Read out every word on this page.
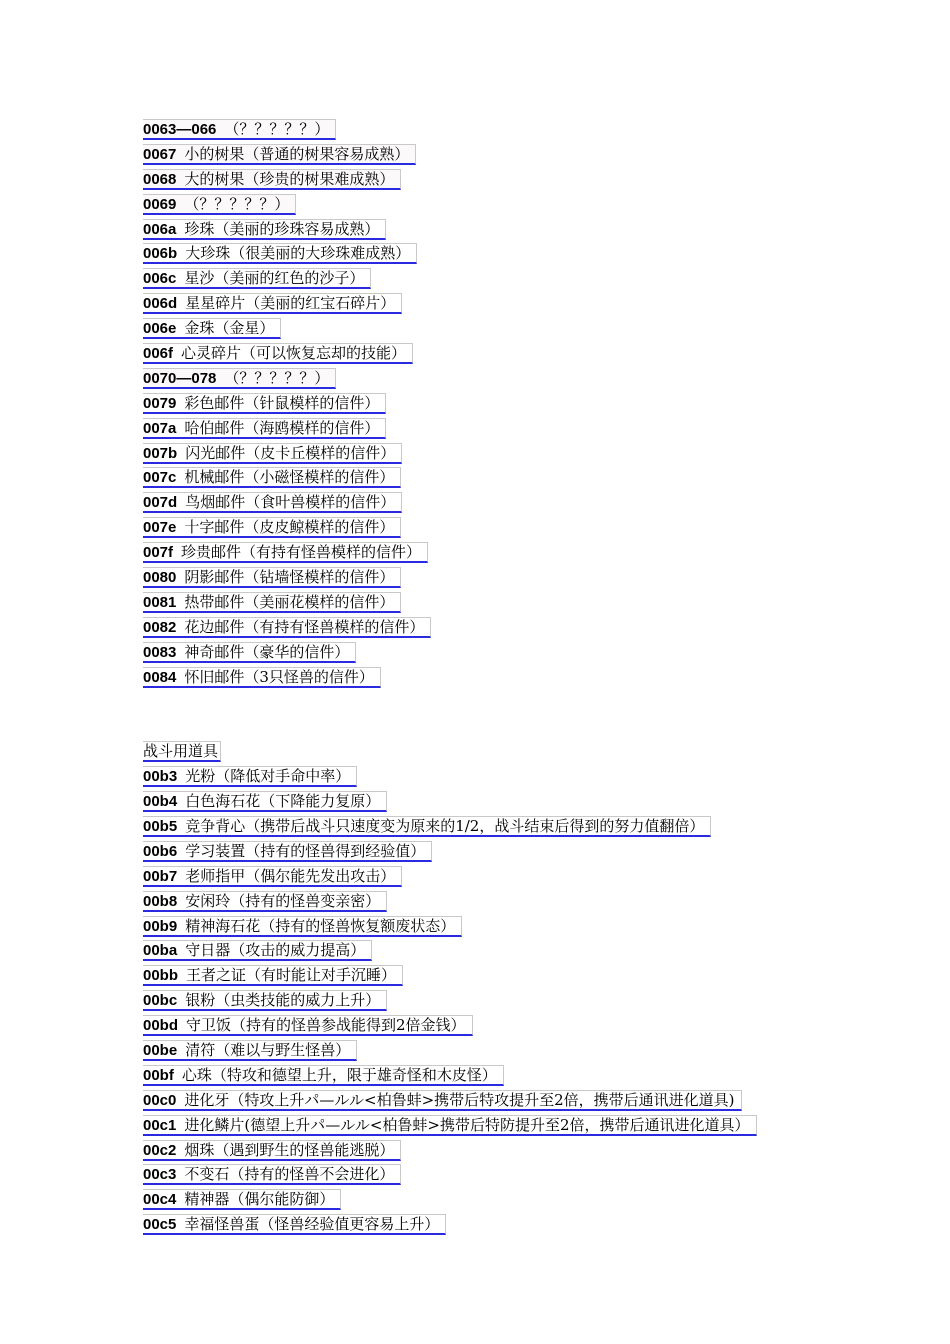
0063—066 （？？？？？）
0067 小的树果（普通的树果容易成熟）
0068 大的树果（珍贵的树果难成熟）
0069 （？？？？？）
006a 珍珠（美丽的珍珠容易成熟）
006b 大珍珠（很美丽的大珍珠难成熟）
006c 星沙（美丽的红色的沙子）
006d 星星碎片（美丽的红宝石碎片）
006e 金珠（金星）
006f 心灵碎片（可以恢复忘却的技能）
0070—078 （？？？？？）
0079 彩色邮件（针鼠模样的信件）
007a 哈伯邮件（海鸥模样的信件）
007b 闪光邮件（皮卡丘模样的信件）
007c 机械邮件（小磁怪模样的信件）
007d 鸟烟邮件（食叶兽模样的信件）
007e 十字邮件（皮皮鲸模样的信件）
007f 珍贵邮件（有持有怪兽模样的信件）
0080 阴影邮件（钻墙怪模样的信件）
0081 热带邮件（美丽花模样的信件）
0082 花边邮件（有持有怪兽模样的信件）
0083 神奇邮件（豪华的信件）
0084 怀旧邮件（3只怪兽的信件）
战斗用道具
00b3 光粉（降低对手命中率）
00b4 白色海石花（下降能力复原）
00b5 竞争背心（携带后战斗只速度变为原来的1/2，战斗结束后得到的努力值翻倍）
00b6 学习装置（持有的怪兽得到经验值）
00b7 老师指甲（偶尔能先发出攻击）
00b8 安闲玲（持有的怪兽变亲密）
00b9 精神海石花（持有的怪兽恢复额废状态）
00ba 守日器（攻击的威力提高）
00bb 王者之证（有时能让对手沉睡）
00bc 银粉（虫类技能的威力上升）
00bd 守卫饭（持有的怪兽参战能得到2倍金钱）
00be 清符（难以与野生怪兽）
00bf 心珠（特攻和德望上升，限于雄奇怪和木皮怪）
00c0 进化牙（特攻上升パ—ルル<柏鲁蚌>携带后特攻提升至2倍，携带后通讯进化道具)
00c1 进化鳞片(德望上升パ—ルル<柏鲁蚌>携带后特防提升至2倍，携带后通讯进化道具）
00c2 烟珠（遇到野生的怪兽能逃脱）
00c3 不变石（持有的怪兽不会进化）
00c4 精神器（偶尔能防御）
00c5 幸福怪兽蛋（怪兽经验值更容易上升）
